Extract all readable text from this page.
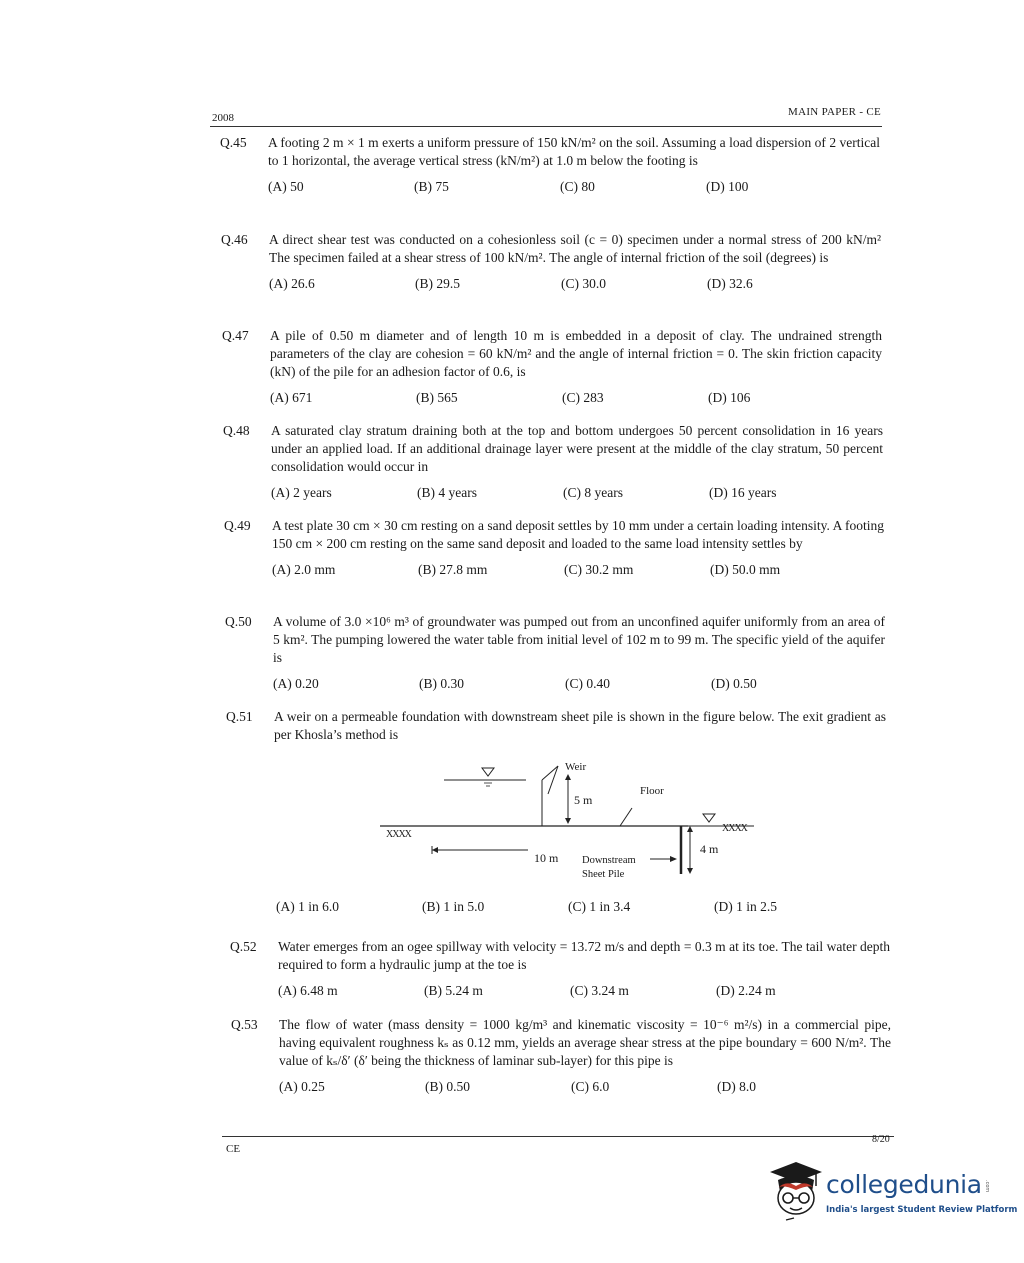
2008	MAIN PAPER - CE
Q.45	A footing 2 m × 1 m exerts a uniform pressure of 150 kN/m² on the soil. Assuming a load dispersion of 2 vertical to 1 horizontal, the average vertical stress (kN/m²) at 1.0 m below the footing is
(A) 50	(B) 75	(C) 80	(D) 100
Q.46	A direct shear test was conducted on a cohesionless soil (c = 0) specimen under a normal stress of 200 kN/m² The specimen failed at a shear stress of 100 kN/m². The angle of internal friction of the soil (degrees) is
(A) 26.6	(B) 29.5	(C) 30.0	(D) 32.6
Q.47	A pile of 0.50 m diameter and of length 10 m is embedded in a deposit of clay. The undrained strength parameters of the clay are cohesion = 60 kN/m² and the angle of internal friction = 0. The skin friction capacity (kN) of the pile for an adhesion factor of 0.6, is
(A) 671	(B) 565	(C) 283	(D) 106
Q.48	A saturated clay stratum draining both at the top and bottom undergoes 50 percent consolidation in 16 years under an applied load. If an additional drainage layer were present at the middle of the clay stratum, 50 percent consolidation would occur in
(A) 2 years	(B) 4 years	(C) 8 years	(D) 16 years
Q.49	A test plate 30 cm × 30 cm resting on a sand deposit settles by 10 mm under a certain loading intensity. A footing 150 cm × 200 cm resting on the same sand deposit and loaded to the same load intensity settles by
(A) 2.0 mm	(B) 27.8 mm	(C) 30.2 mm	(D) 50.0 mm
Q.50	A volume of 3.0 ×10⁶ m³ of groundwater was pumped out from an unconfined aquifer uniformly from an area of 5 km². The pumping lowered the water table from initial level of 102 m to 99 m. The specific yield of the aquifer is
(A) 0.20	(B) 0.30	(C) 0.40	(D) 0.50
Q.51	A weir on a permeable foundation with downstream sheet pile is shown in the figure below. The exit gradient as per Khosla’s method is
Weir
5 m
Floor
XXXX
XXXX
4 m
10 m Downstream
Sheet Pile
(A) 1 in 6.0	(B) 1 in 5.0	(C) 1 in 3.4	(D) 1 in 2.5
Q.52	Water emerges from an ogee spillway with velocity = 13.72 m/s and depth = 0.3 m at its toe. The tail water depth required to form a hydraulic jump at the toe is
(A) 6.48 m	(B) 5.24 m	(C) 3.24 m	(D) 2.24 m
Q.53	The flow of water (mass density = 1000 kg/m³ and kinematic viscosity = 10⁻⁶ m²/s) in a commercial pipe, having equivalent roughness kₛ as 0.12 mm, yields an average shear stress at the pipe boundary = 600 N/m². The value of kₛ/δ′ (δ′ being the thickness of laminar sub-layer) for this pipe is
(A) 0.25	(B) 0.50	(C) 6.0	(D) 8.0
CE
8/20
collegedunia .com
India's largest Student Review Platform
